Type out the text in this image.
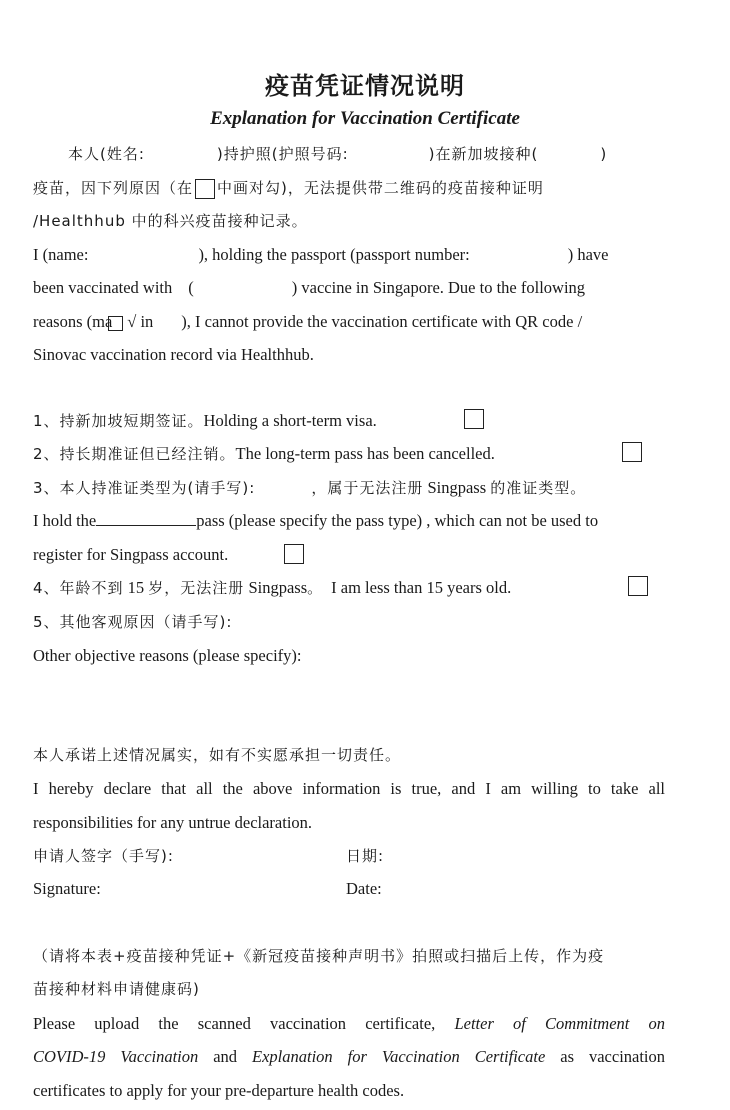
疫苗凭证情况说明
Explanation for Vaccination Certificate
本人(姓名:	)持护照(护照号码:	)在新加坡接种(	)
疫苗，因下列原因（在 中画对勾)，无法提供带二维码的疫苗接种证明
/Healthhub 中的科兴疫苗接种记录。
I (name:	), holding the passport (passport number:	) have
been vaccinated with (	) vaccine in Singapore. Due to the following
reasons (ma √ in ), I cannot provide the vaccination certificate with QR code /
Sinovac vaccination record via Healthhub.
1、持新加坡短期签证。Holding a short-term visa.
2、持长期准证但已经注销。The long-term pass has been cancelled.
3、本人持准证类型为(请手写):	，属于无法注册 Singpass 的准证类型。
I hold the	pass (please specify the pass type) , which can not be used to
register for Singpass account.
4、年龄不到 15 岁，无法注册 Singpass。 I am less than 15 years old.
5、其他客观原因（请手写):
Other objective reasons (please specify):
本人承诺上述情况属实，如有不实愿承担一切责任。
I hereby declare that all the above information is true, and I am willing to take all
responsibilities for any untrue declaration.
申请人签字（手写):	日期:
Signature:	Date:
（请将本表+疫苗接种凭证+《新冠疫苗接种声明书》拍照或扫描后上传，作为疫
苗接种材料申请健康码)
Please upload the scanned vaccination certificate, Letter of Commitment on
COVID-19 Vaccination and Explanation for Vaccination Certificate as vaccination
certificates to apply for your pre-departure health codes.
